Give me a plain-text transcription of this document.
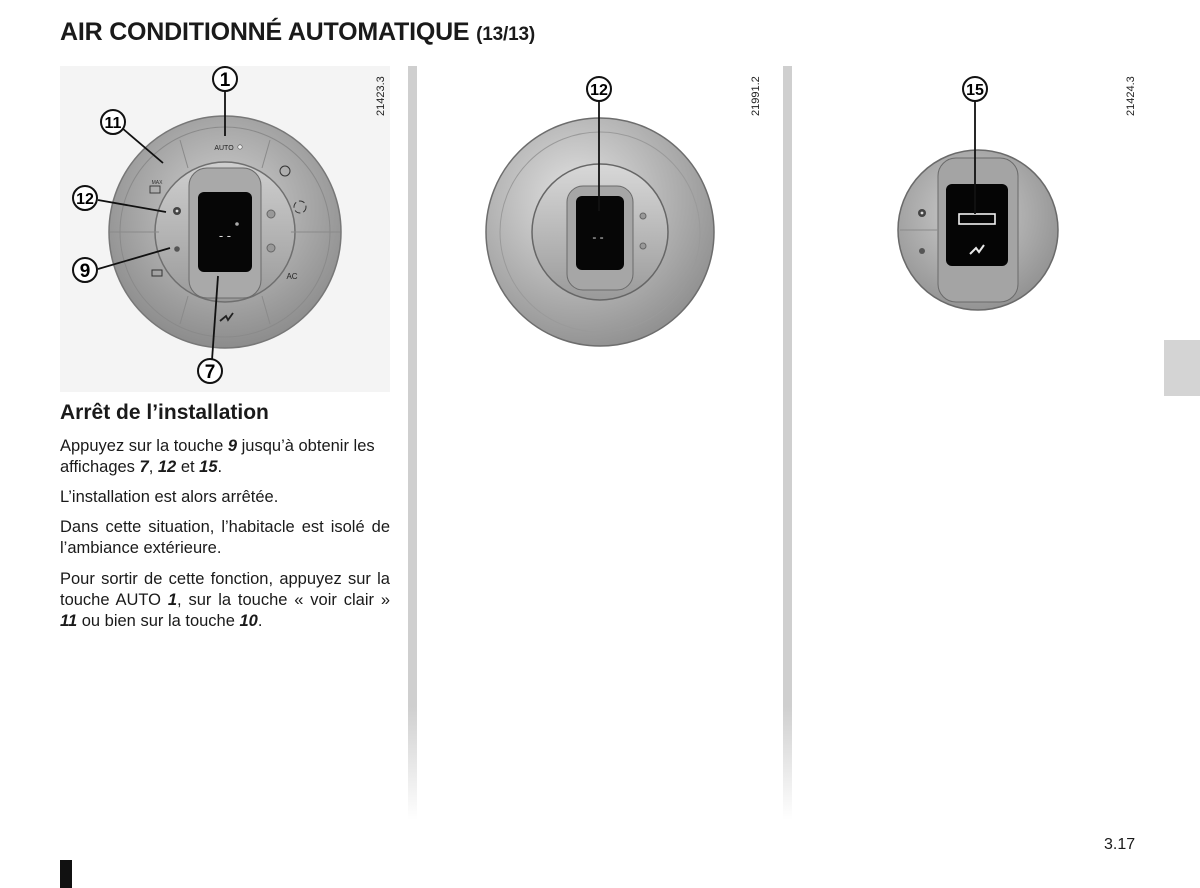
AIR CONDITIONNÉ AUTOMATIQUE (13/13)
21423.3
- -
AUTO
AC
MAX
1
11
12
9
7
21991.2
- -
12	21424.3
15
Arrêt de l’installation

Appuyez sur la touche 9 jusqu’à obtenir les affichages 7, 12 et 15.

L’installation est alors arrêtée.

Dans cette situation, l’habitacle est isolé de l’ambiance extérieure.

Pour sortir de cette fonction, appuyez sur la touche AUTO 1, sur la touche « voir clair » 11 ou bien sur la touche 10.

3.17
